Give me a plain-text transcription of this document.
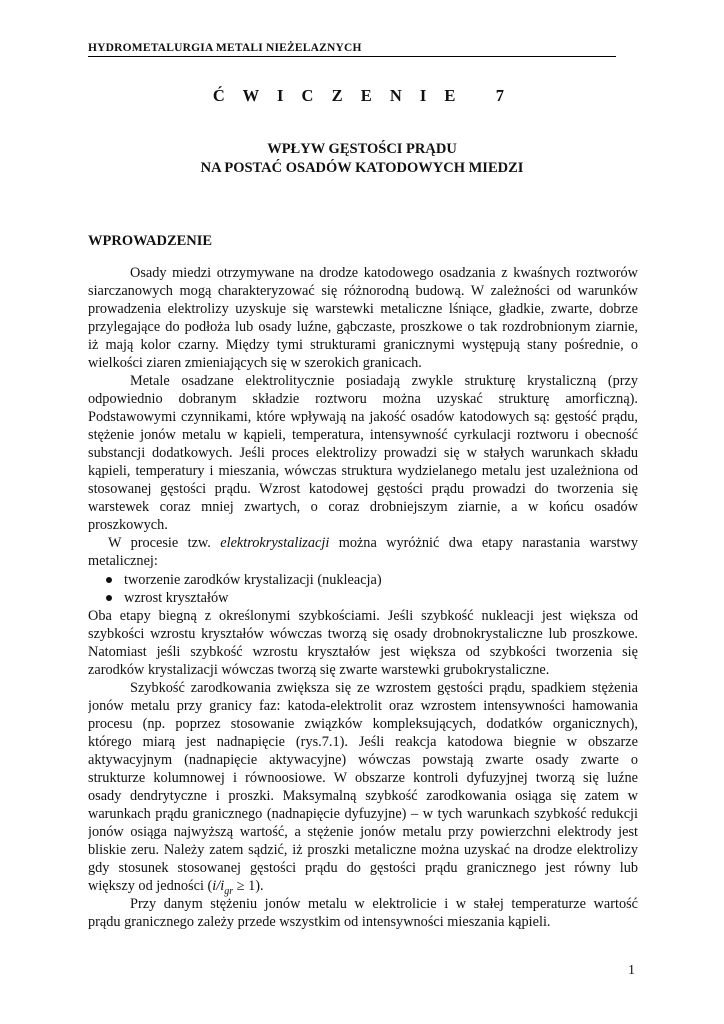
HYDROMETALURGIA METALI NIEŻELAZNYCH
Ć W I C Z E N I E   7
WPŁYW GĘSTOŚCI PRĄDU
NA POSTAĆ OSADÓW KATODOWYCH MIEDZI
WPROWADZENIE
Osady miedzi otrzymywane na drodze katodowego osadzania z kwaśnych roztworów
siarczanowych mogą charakteryzować się różnorodną budową. W zależności od warunków
prowadzenia elektrolizy uzyskuje się warstewki metaliczne lśniące, gładkie, zwarte, dobrze
przylegające do podłoża lub osady luźne, gąbczaste, proszkowe o tak rozdrobnionym ziarnie,
iż mają kolor czarny. Między tymi strukturami granicznymi występują stany pośrednie, o
wielkości ziaren zmieniających się w szerokich granicach.
Metale osadzane elektrolitycznie posiadają zwykle strukturę krystaliczną (przy
odpowiednio dobranym składzie roztworu można uzyskać strukturę amorficzną).
Podstawowymi czynnikami, które wpływają na jakość osadów katodowych są: gęstość prądu,
stężenie jonów metalu w kąpieli, temperatura, intensywność cyrkulacji roztworu i obecność
substancji dodatkowych. Jeśli proces elektrolizy prowadzi się w stałych warunkach składu
kąpieli, temperatury i mieszania, wówczas struktura wydzielanego metalu jest uzależniona od
stosowanej gęstości prądu. Wzrost katodowej gęstości prądu prowadzi do tworzenia się
warstewek coraz mniej zwartych, o coraz drobniejszym ziarnie, a w końcu osadów
proszkowych.
W procesie tzw. elektrokrystalizacji można wyróżnić dwa etapy narastania warstwy
metalicznej:
tworzenie zarodków krystalizacji (nukleacja)
wzrost kryształów
Oba etapy biegną z określonymi szybkościami. Jeśli szybkość nukleacji jest większa od
szybkości wzrostu kryształów wówczas tworzą się osady drobnokrystaliczne lub proszkowe.
Natomiast jeśli szybkość wzrostu kryształów jest większa od szybkości tworzenia się
zarodków krystalizacji wówczas tworzą się zwarte warstewki grubokrystaliczne.
Szybkość zarodkowania zwiększa się ze wzrostem gęstości prądu, spadkiem stężenia
jonów metalu przy granicy faz: katoda-elektrolit oraz wzrostem intensywności hamowania
procesu (np. poprzez stosowanie związków kompleksujących, dodatków organicznych),
którego miarą jest nadnapięcie (rys.7.1). Jeśli reakcja katodowa biegnie w obszarze
aktywacyjnym (nadnapięcie aktywacyjne) wówczas powstają zwarte osady zwarte o
strukturze kolumnowej i równoosiowe. W obszarze kontroli dyfuzyjnej tworzą się luźne
osady dendrytyczne i proszki. Maksymalną szybkość zarodkowania osiąga się zatem w
warunkach prądu granicznego (nadnapięcie dyfuzyjne) – w tych warunkach szybkość redukcji
jonów osiąga najwyższą wartość, a stężenie jonów metalu przy powierzchni elektrody jest
bliskie zeru. Należy zatem sądzić, iż proszki metaliczne można uzyskać na drodze elektrolizy
gdy stosunek stosowanej gęstości prądu do gęstości prądu granicznego jest równy lub
większy od jedności $(i/i_{gr} \ge 1)$.
Przy danym stężeniu jonów metalu w elektrolicie i w stałej temperaturze wartość
prądu granicznego zależy przede wszystkim od intensywności mieszania kąpieli.
1
